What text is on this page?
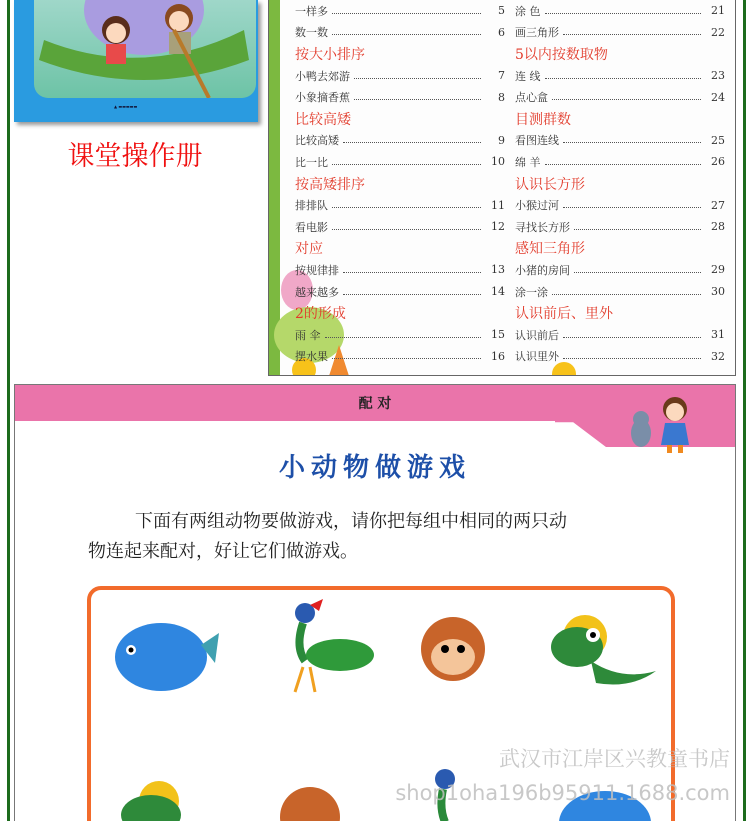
▲ ▬▬▬▬▬
课堂操作册
一样多	5
数一数	6
按大小排序
小鸭去郊游	7
小象摘香蕉	8
比较高矮
比较高矮	9
比一比	10
按高矮排序
排排队	11
看电影	12
对应
按规律排	13
越来越多	14
2的形成
雨 伞	15
摆水果	16
涂 色	21
画三角形	22
5以内按数取物
连 线	23
点心盒	24
目测群数
看图连线	25
绵 羊	26
认识长方形
小猴过河	27
寻找长方形	28
感知三角形
小猪的房间	29
涂一涂	30
认识前后、里外
认识前后	31
认识里外	32
配 对
小动物做游戏
下面有两组动物要做游戏，请你把每组中相同的两只动
物连起来配对，好让它们做游戏。
武汉市江岸区兴教童书店
shop1oha196b95911.1688.com
